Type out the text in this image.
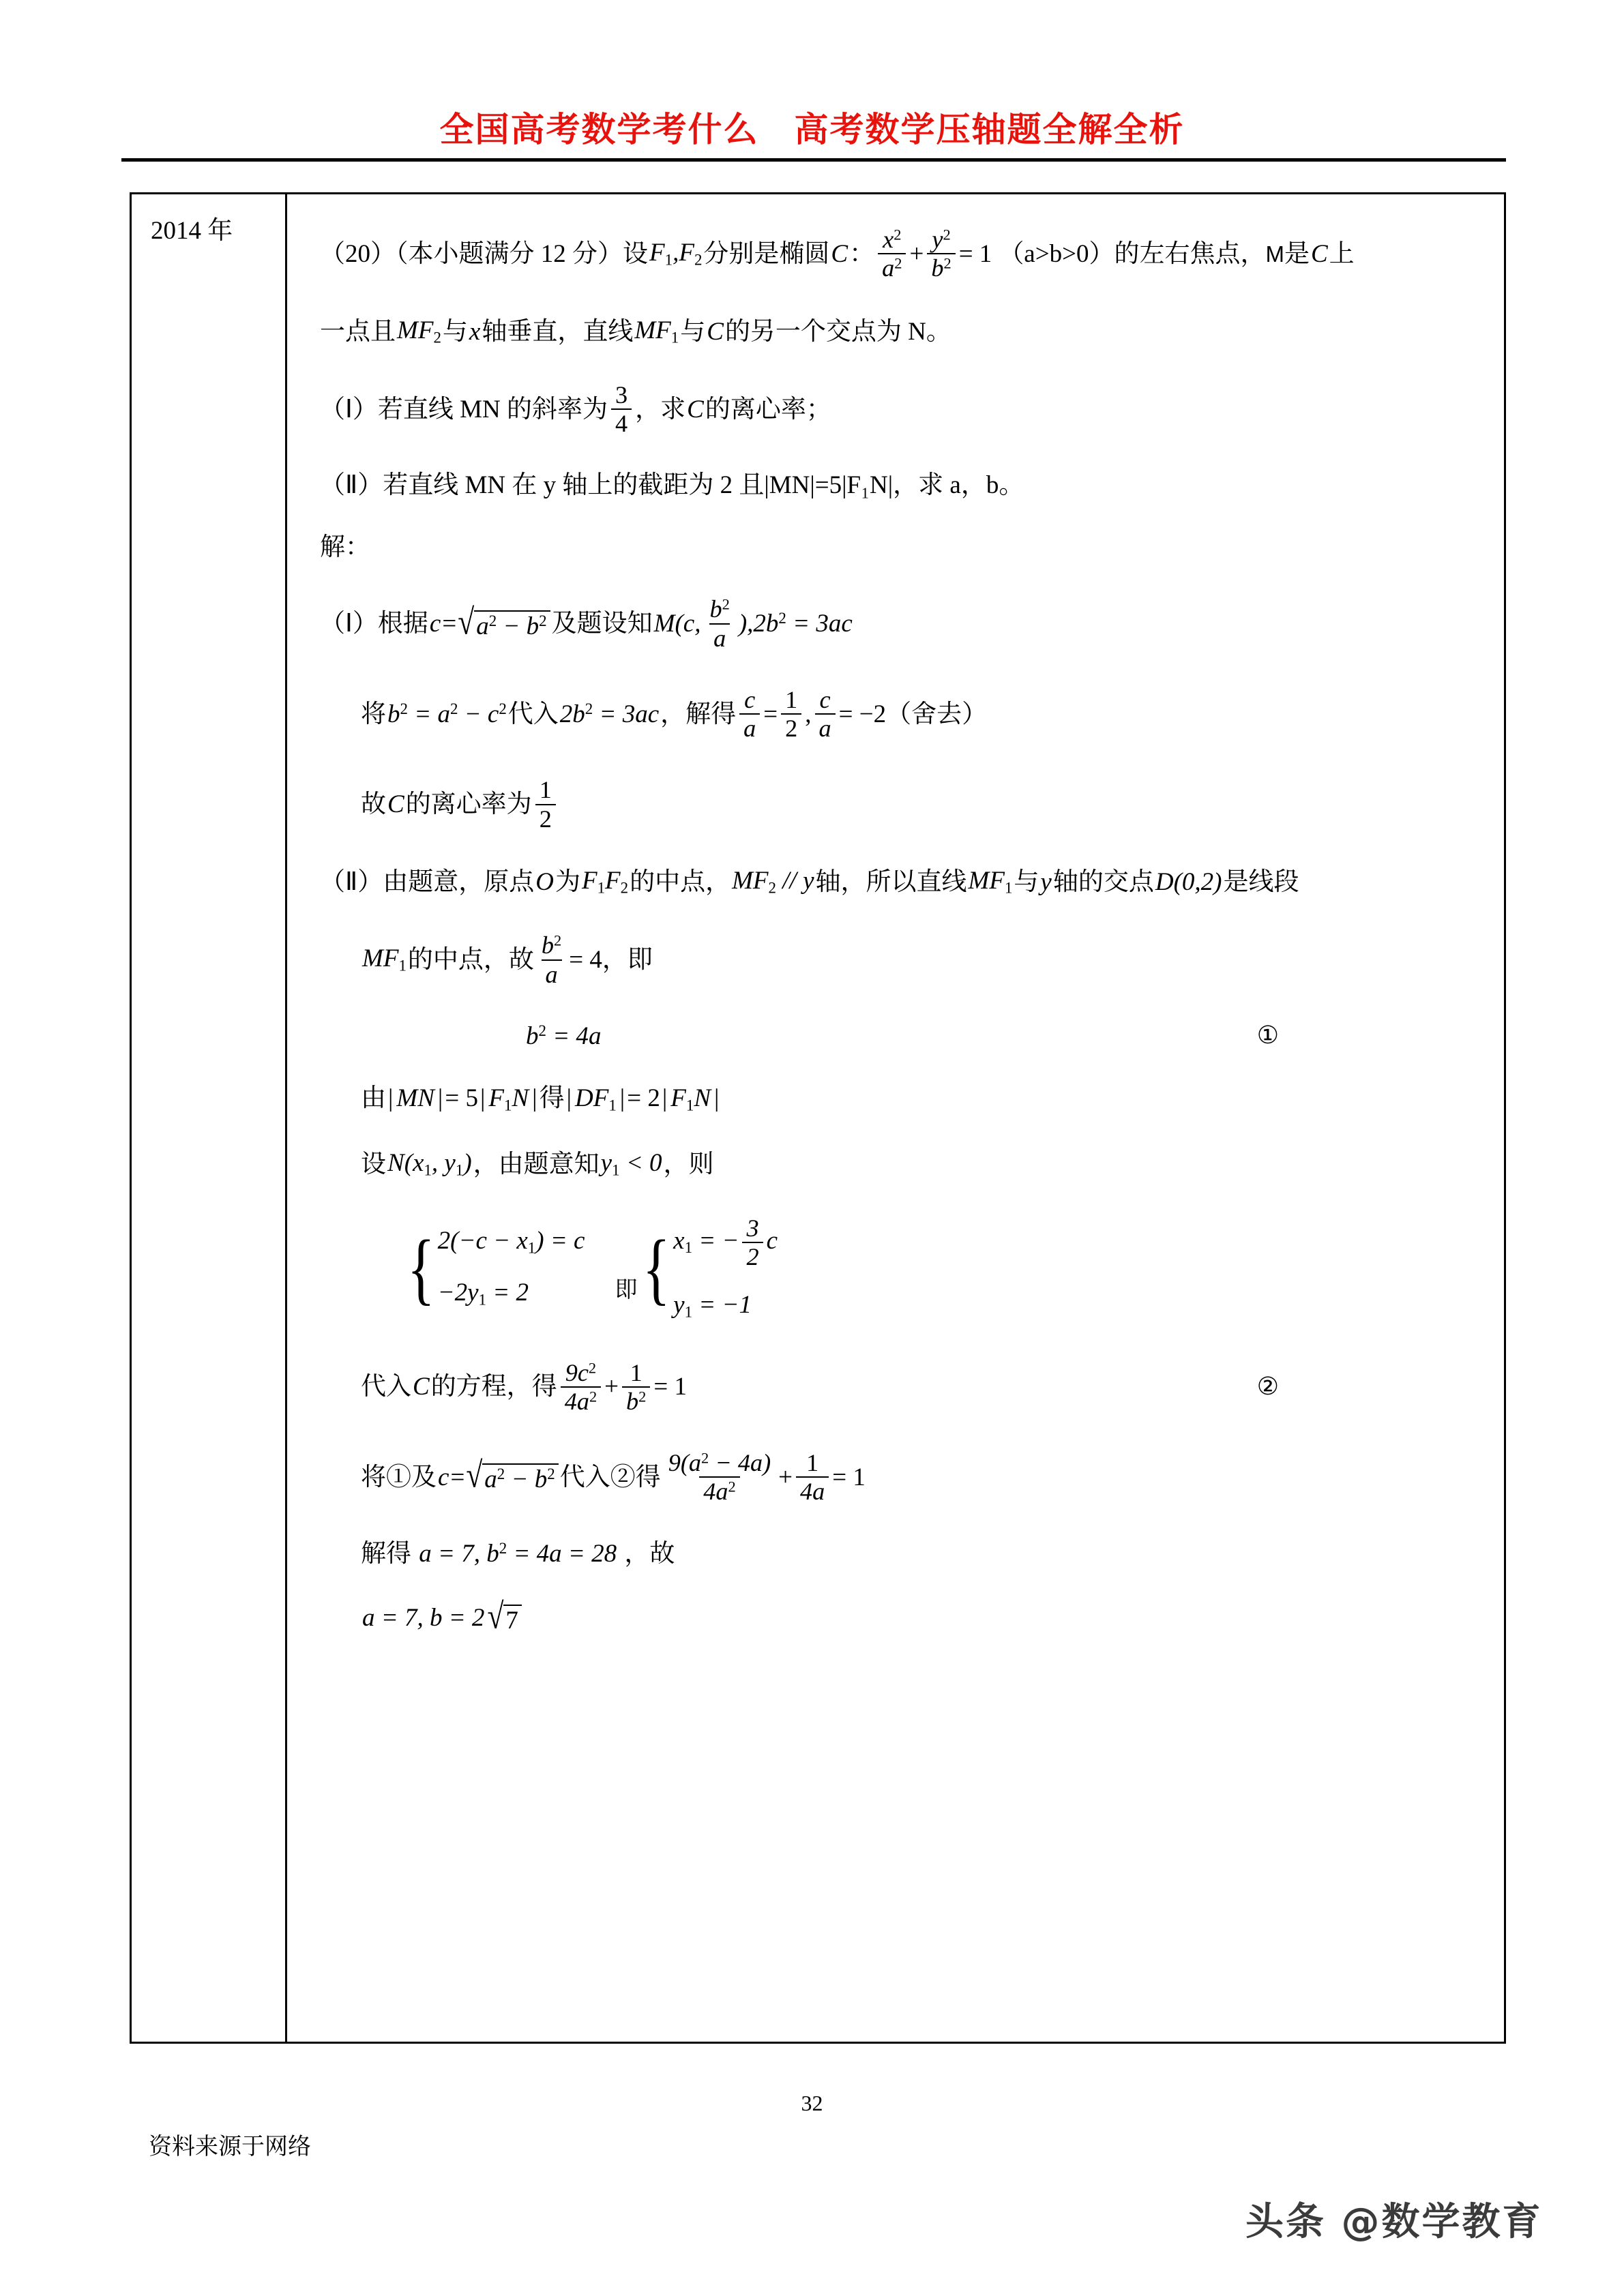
全国高考数学考什么　高考数学压轴题全解全析
2014 年
（20）（本小题满分 12 分）设 $F_1,F_2$ 分别是椭圆 C ： $\frac{x^2}{a^2} + \frac{y^2}{b^2} = 1$ （a>b>0） 的左右焦点， M 是 C 上
一点且 $MF_2$ 与 x 轴垂直，直线 $MF_1$ 与 C 的另一个交点为 N。
（Ⅰ）若直线 MN 的斜率为 $\frac{3}{4}$ ，求 C 的离心率；
（Ⅱ）若直线 MN 在 y 轴上的截距为 2 且|MN|=5|F₁N|，求 a，b。
解：
（Ⅰ）根据 c = √ $a^2 - b^2$ 及题设知 M(c, $\frac{b^2}{a} ),2b^2 = 3ac$
将 $b^2 = a^2 - c^2$ 代入 $2b^2 = 3ac$ ，解得 $\frac{c}{a} = \frac{1}{2}$ , $\frac{c}{a} = -2$ （舍去）
故 C 的离心率为 $\frac{1}{2}$
（Ⅱ）由题意，原点 O 为 $F_1F_2$ 的中点， $MF_2$ // y 轴，所以直线 $MF_1$ 与 y 轴的交点 D(0,2) 是线段
$MF_1$ 的中点，故 $\frac{b^2}{a} = 4$ ，即
$b^2 = 4a$	①
由| MN |= 5| $F_1N$ |得| $DF_1$ |= 2| $F_1N$ |
设 $N(x_1$, $y_1$) ，由题意知 $y_1 < 0$ ，则
{ $2(-c - x_1) = c$
$-2y_1 = 2$	即 { $x_1$ = − $\frac{3}{2}$ c
$y_1 = -1$
代入 C 的方程，得 $\frac{9c^2}{4a^2} + \frac{1}{b^2} = 1$	②
将①及 c = √ $a^2 - b^2$ 代入②得 $\frac{9(a^2 - 4a)}{4a^2} + \frac{1}{4a} = 1$
解得 a = 7, $b^2 = 4a = 28$ ，故
a = 7, b = 2 √ 7
32
资料来源于网络
头条 @数学教育
